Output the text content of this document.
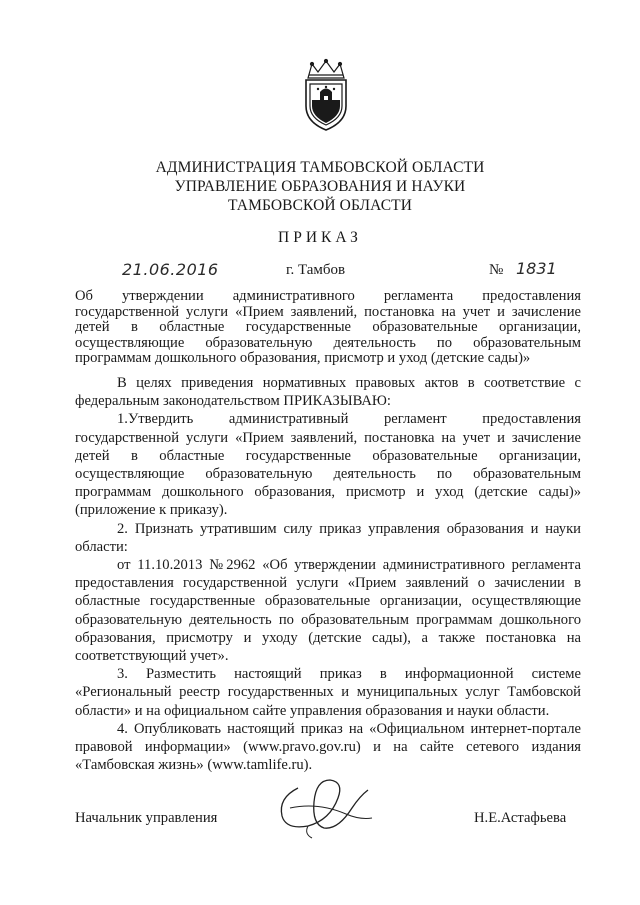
АДМИНИСТРАЦИЯ ТАМБОВСКОЙ ОБЛАСТИ
УПРАВЛЕНИЕ ОБРАЗОВАНИЯ И НАУКИ
ТАМБОВСКОЙ ОБЛАСТИ
ПРИКАЗ
21.06.2016	г. Тамбов	№ 1831
Об утверждении административного регламента предоставления государственной услуги «Прием заявлений, постановка на учет и зачисление детей в областные государственные образовательные организации, осуществляющие образовательную деятельность по образовательным программам дошкольного образования, присмотр и уход (детские сады)»

В целях приведения нормативных правовых актов в соответствие с федеральным законодательством ПРИКАЗЫВАЮ:

1.Утвердить административный регламент предоставления государственной услуги «Прием заявлений, постановка на учет и зачисление детей в областные государственные образовательные организации, осуществляющие образовательную деятельность по образовательным программам дошкольного образования, присмотр и уход (детские сады)» (приложение к приказу).

2. Признать утратившим силу приказ управления образования и науки области:

от 11.10.2013 №2962 «Об утверждении административного регламента предоставления государственной услуги «Прием заявлений о зачислении в областные государственные образовательные организации, осуществляющие образовательную деятельность по образовательным программам дошкольного образования, присмотру и уходу (детские сады), а также постановка на соответствующий учет».

3. Разместить настоящий приказ в информационной системе «Региональный реестр государственных и муниципальных услуг Тамбовской области» и на официальном сайте управления образования и науки области.

4. Опубликовать настоящий приказ на «Официальном интернет-портале правовой информации» (www.pravo.gov.ru) и на сайте сетевого издания «Тамбовская жизнь» (www.tamlife.ru).

Начальник управления	Н.Е.Астафьева
